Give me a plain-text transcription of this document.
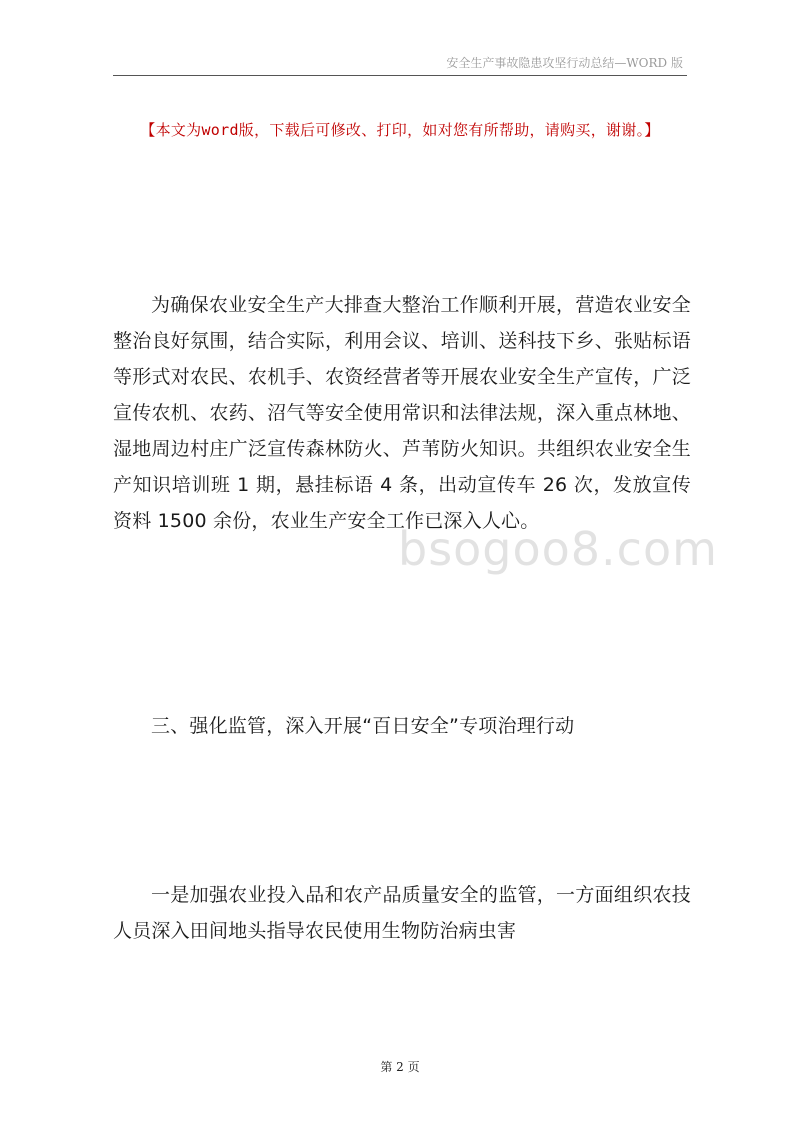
安全生产事故隐患攻坚行动总结—WORD 版
【本文为word版，下载后可修改、打印，如对您有所帮助，请购买，谢谢。】

为确保农业安全生产大排查大整治工作顺利开展，营造农业安全整治良好氛围，结合实际，利用会议、培训、送科技下乡、张贴标语等形式对农民、农机手、农资经营者等开展农业安全生产宣传，广泛宣传农机、农药、沼气等安全使用常识和法律法规，深入重点林地、湿地周边村庄广泛宣传森林防火、芦苇防火知识。共组织农业安全生产知识培训班 1 期，悬挂标语 4 条，出动宣传车 26 次，发放宣传资料 1500 余份，农业生产安全工作已深入人心。

bsogoo8.com

三、强化监管，深入开展“百日安全”专项治理行动

一是加强农业投入品和农产品质量安全的监管，一方面组织农技人员深入田间地头指导农民使用生物防治病虫害

第 2 页
